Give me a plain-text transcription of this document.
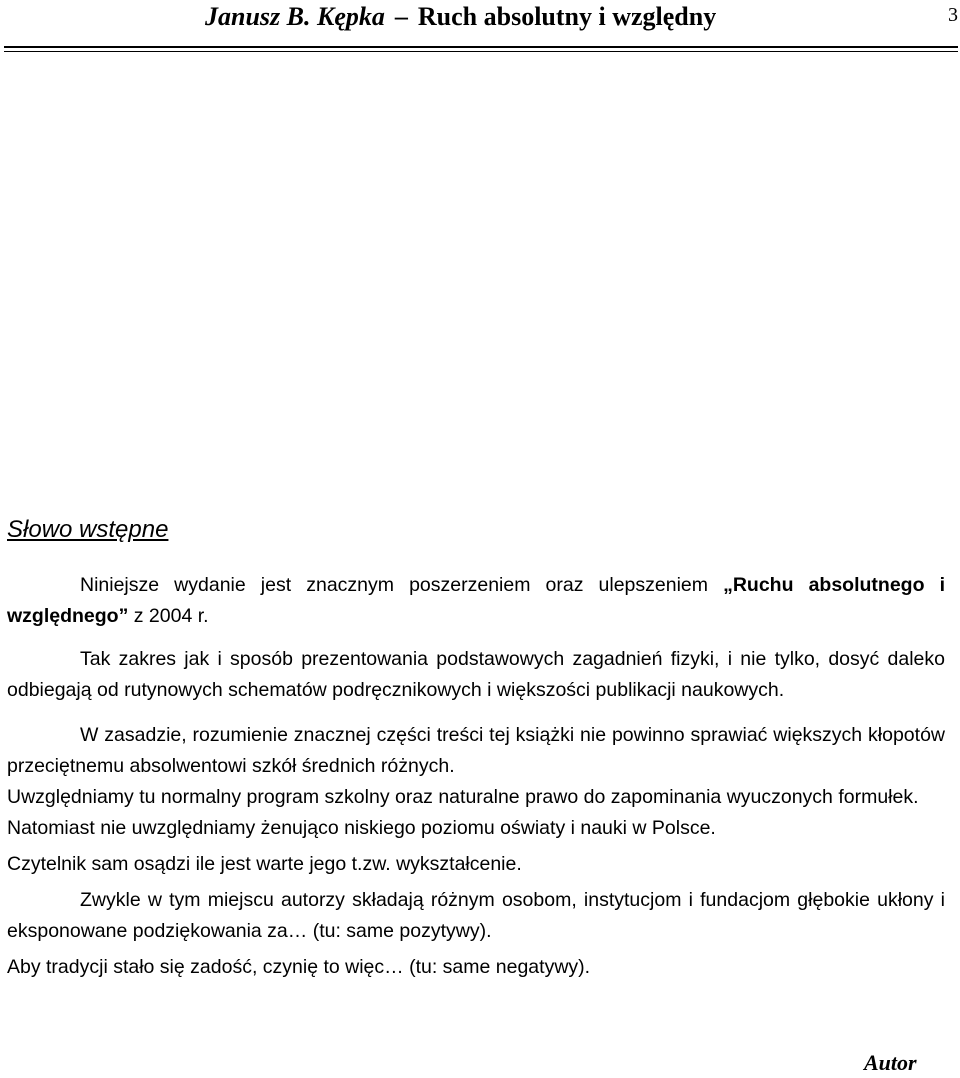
Janusz B. Kępka – Ruch absolutny i względny	3
Słowo wstępne

Niniejsze wydanie jest znacznym poszerzeniem oraz ulepszeniem „Ruchu absolutnego i względnego” z 2004 r.

Tak zakres jak i sposób prezentowania podstawowych zagadnień fizyki, i nie tylko, dosyć daleko odbiegają od rutynowych schematów podręcznikowych i większości publikacji naukowych.

W zasadzie, rozumienie znacznej części treści tej książki nie powinno sprawiać większych kłopotów przeciętnemu absolwentowi szkół średnich różnych.

Uwzględniamy tu normalny program szkolny oraz naturalne prawo do zapominania wyuczonych formułek.

Natomiast nie uwzględniamy żenująco niskiego poziomu oświaty i nauki w Polsce.

Czytelnik sam osądzi ile jest warte jego t.zw. wykształcenie.

Zwykle w tym miejscu autorzy składają różnym osobom, instytucjom i fundacjom głębokie ukłony i eksponowane podziękowania za… (tu: same pozytywy).

Aby tradycji stało się zadość, czynię to więc… (tu: same negatywy).

Autor
